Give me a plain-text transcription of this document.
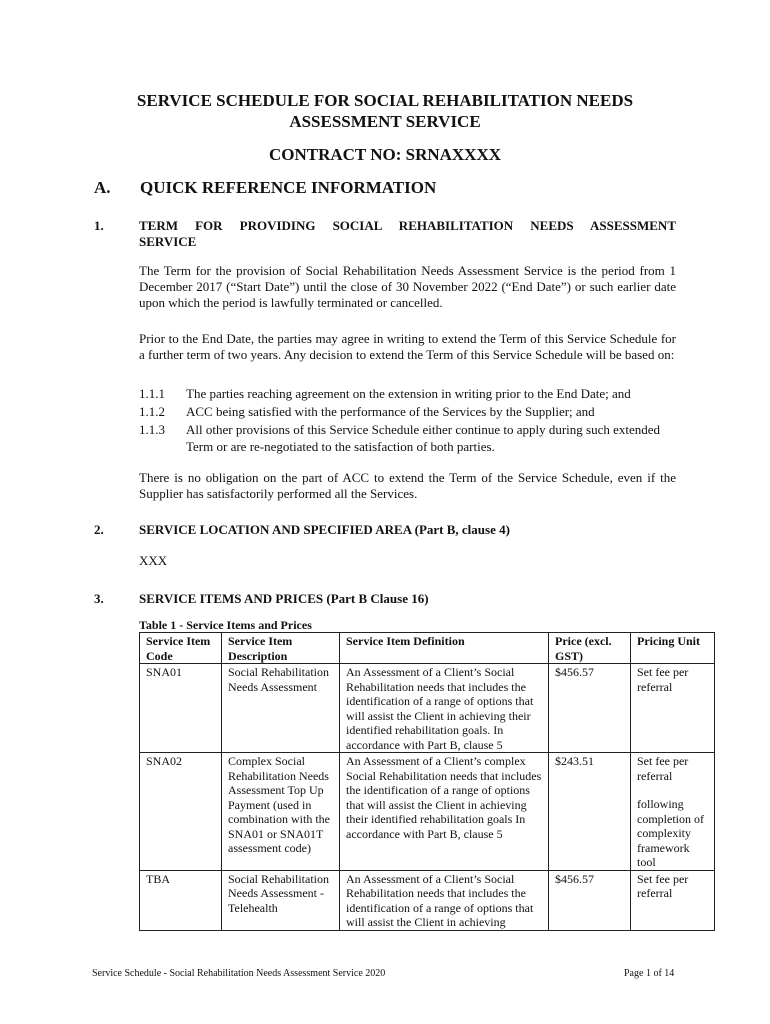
SERVICE SCHEDULE FOR SOCIAL REHABILITATION NEEDS
ASSESSMENT SERVICE
CONTRACT NO: SRNAXXXX
A. QUICK REFERENCE INFORMATION
1.	TERM FOR PROVIDING SOCIAL REHABILITATION NEEDS ASSESSMENT
SERVICE
The Term for the provision of Social Rehabilitation Needs Assessment Service is the period from 1 December 2017 (“Start Date”) until the close of 30 November 2022 (“End Date”) or such earlier date upon which the period is lawfully terminated or cancelled.
Prior to the End Date, the parties may agree in writing to extend the Term of this Service Schedule for a further term of two years. Any decision to extend the Term of this Service Schedule will be based on:
1.1.1 The parties reaching agreement on the extension in writing prior to the End Date; and
1.1.2 ACC being satisfied with the performance of the Services by the Supplier; and
1.1.3 All other provisions of this Service Schedule either continue to apply during such extended Term or are re-negotiated to the satisfaction of both parties.
There is no obligation on the part of ACC to extend the Term of the Service Schedule, even if the Supplier has satisfactorily performed all the Services.
2.	SERVICE LOCATION AND SPECIFIED AREA (Part B, clause 4)
XXX
3.	SERVICE ITEMS AND PRICES (Part B Clause 16)
Table 1 - Service Items and Prices
Service Item Code	Service Item Description	Service Item Definition	Price (excl. GST)	Pricing Unit
SNA01	Social Rehabilitation Needs Assessment	An Assessment of a Client’s Social Rehabilitation needs that includes the identification of a range of options that will assist the Client in achieving their identified rehabilitation goals. In accordance with Part B, clause 5	$456.57	Set fee per referral
SNA02	Complex Social Rehabilitation Needs Assessment Top Up Payment (used in combination with the SNA01 or SNA01T assessment code)	An Assessment of a Client’s complex Social Rehabilitation needs that includes the identification of a range of options that will assist the Client in achieving their identified rehabilitation goals In accordance with Part B, clause 5	$243.51	Set fee per referral
following completion of complexity framework tool

TBA	Social Rehabilitation Needs Assessment - Telehealth	An Assessment of a Client’s Social Rehabilitation needs that includes the identification of a range of options that will assist the Client in achieving	$456.57	Set fee per referral
Service Schedule - Social Rehabilitation Needs Assessment Service 2020	Page 1 of 14
